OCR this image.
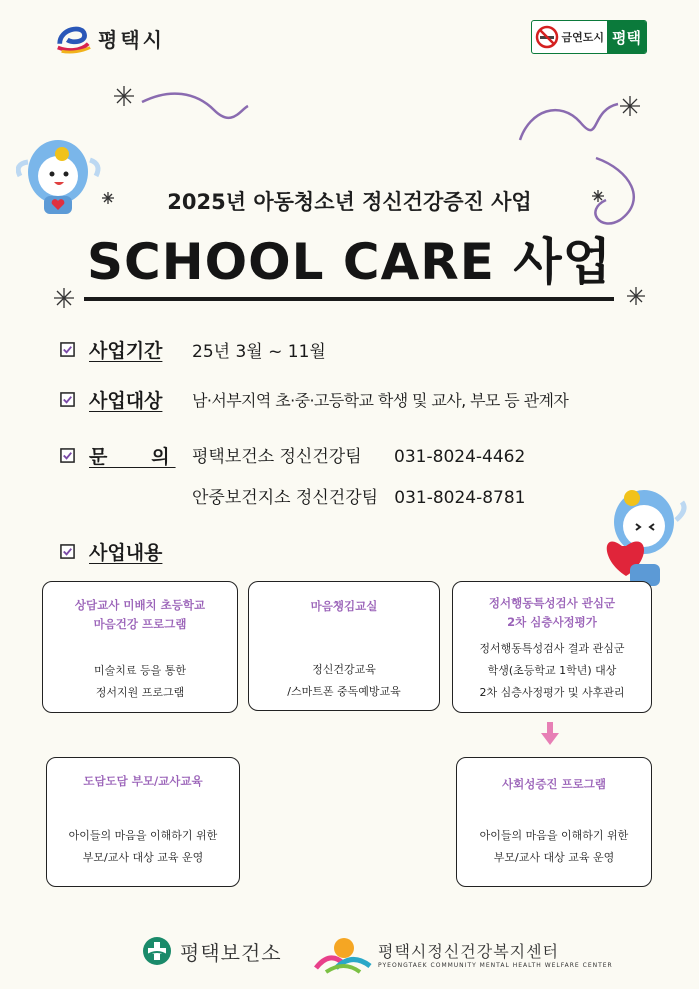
평택시	금연도시 평택
2025년 아동청소년 정신건강증진 사업
SCHOOL CARE 사업
사업기간 25년 3월 ~ 11월
사업대상 남·서부지역 초·중·고등학교 학생 및 교사, 부모 등 관계자
문   의 평택보건소 정신건강팀      031-8024-4462
안중보건지소 정신건강팀   031-8024-8781
사업내용
상담교사 미배치 초등학교
마음건강 프로그램
미술치료 등을 통한
정서지원 프로그램
마음챙김교실
정신건강교육
/스마트폰 중독예방교육
정서행동특성검사 관심군
2차 심층사정평가
정서행동특성검사 결과 관심군
학생(초등학교 1학년) 대상
2차 심층사정평가 및 사후관리
도담도담 부모/교사교육
아이들의 마음을 이해하기 위한
부모/교사 대상 교육 운영
사회성증진 프로그램
아이들의 마음을 이해하기 위한
부모/교사 대상 교육 운영
평택보건소	평택시정신건강복지센터
PYEONGTAEK COMMUNITY MENTAL HEALTH WELFARE CENTER
